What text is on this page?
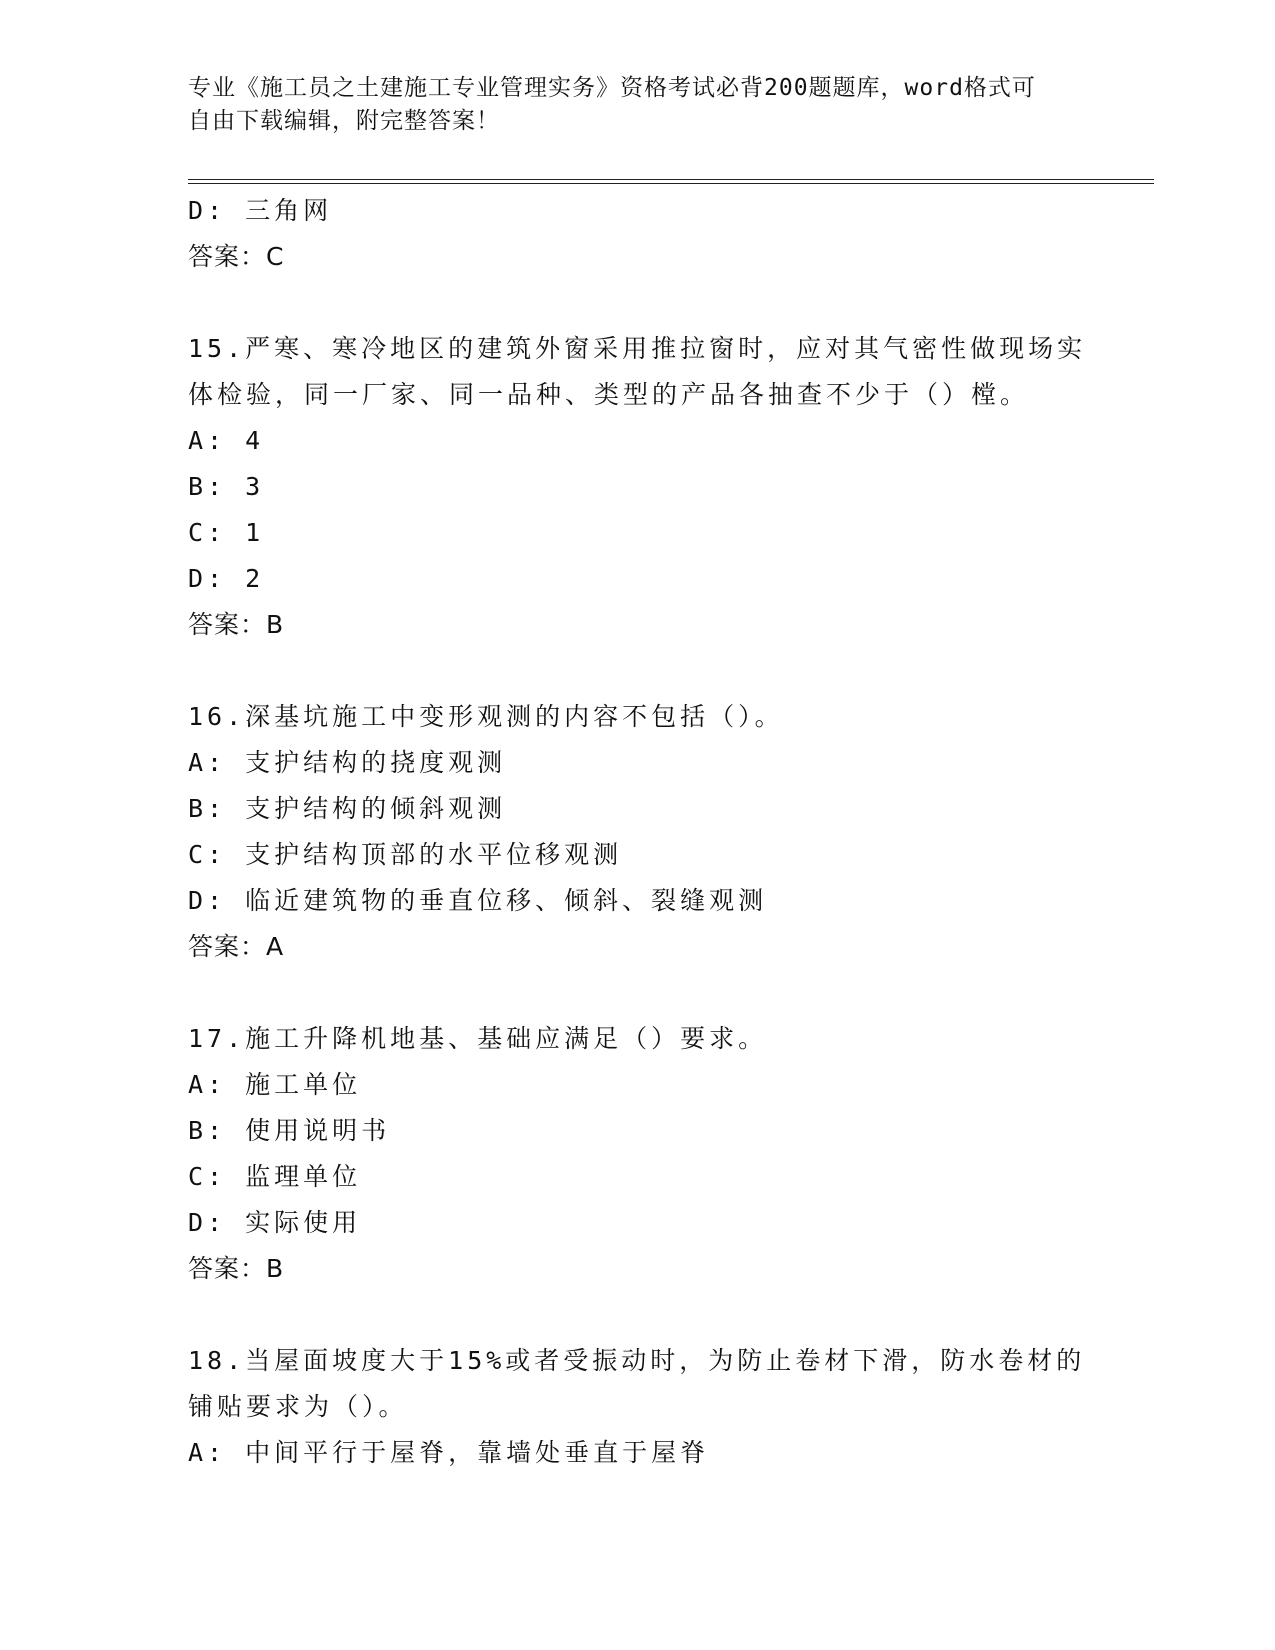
专业《施工员之土建施工专业管理实务》资格考试必背200题题库，word格式可
自由下载编辑，附完整答案！
D: 三角网
答案：C
15.严寒、寒冷地区的建筑外窗采用推拉窗时，应对其气密性做现场实
体检验，同一厂家、同一品种、类型的产品各抽查不少于（）樘。
A: 4
B: 3
C: 1
D: 2
答案：B
16.深基坑施工中变形观测的内容不包括（）。
A: 支护结构的挠度观测
B: 支护结构的倾斜观测
C: 支护结构顶部的水平位移观测
D: 临近建筑物的垂直位移、倾斜、裂缝观测
答案：A
17.施工升降机地基、基础应满足（）要求。
A: 施工单位
B: 使用说明书
C: 监理单位
D: 实际使用
答案：B
18.当屋面坡度大于15%或者受振动时，为防止卷材下滑，防水卷材的
铺贴要求为（）。
A: 中间平行于屋脊，靠墙处垂直于屋脊
